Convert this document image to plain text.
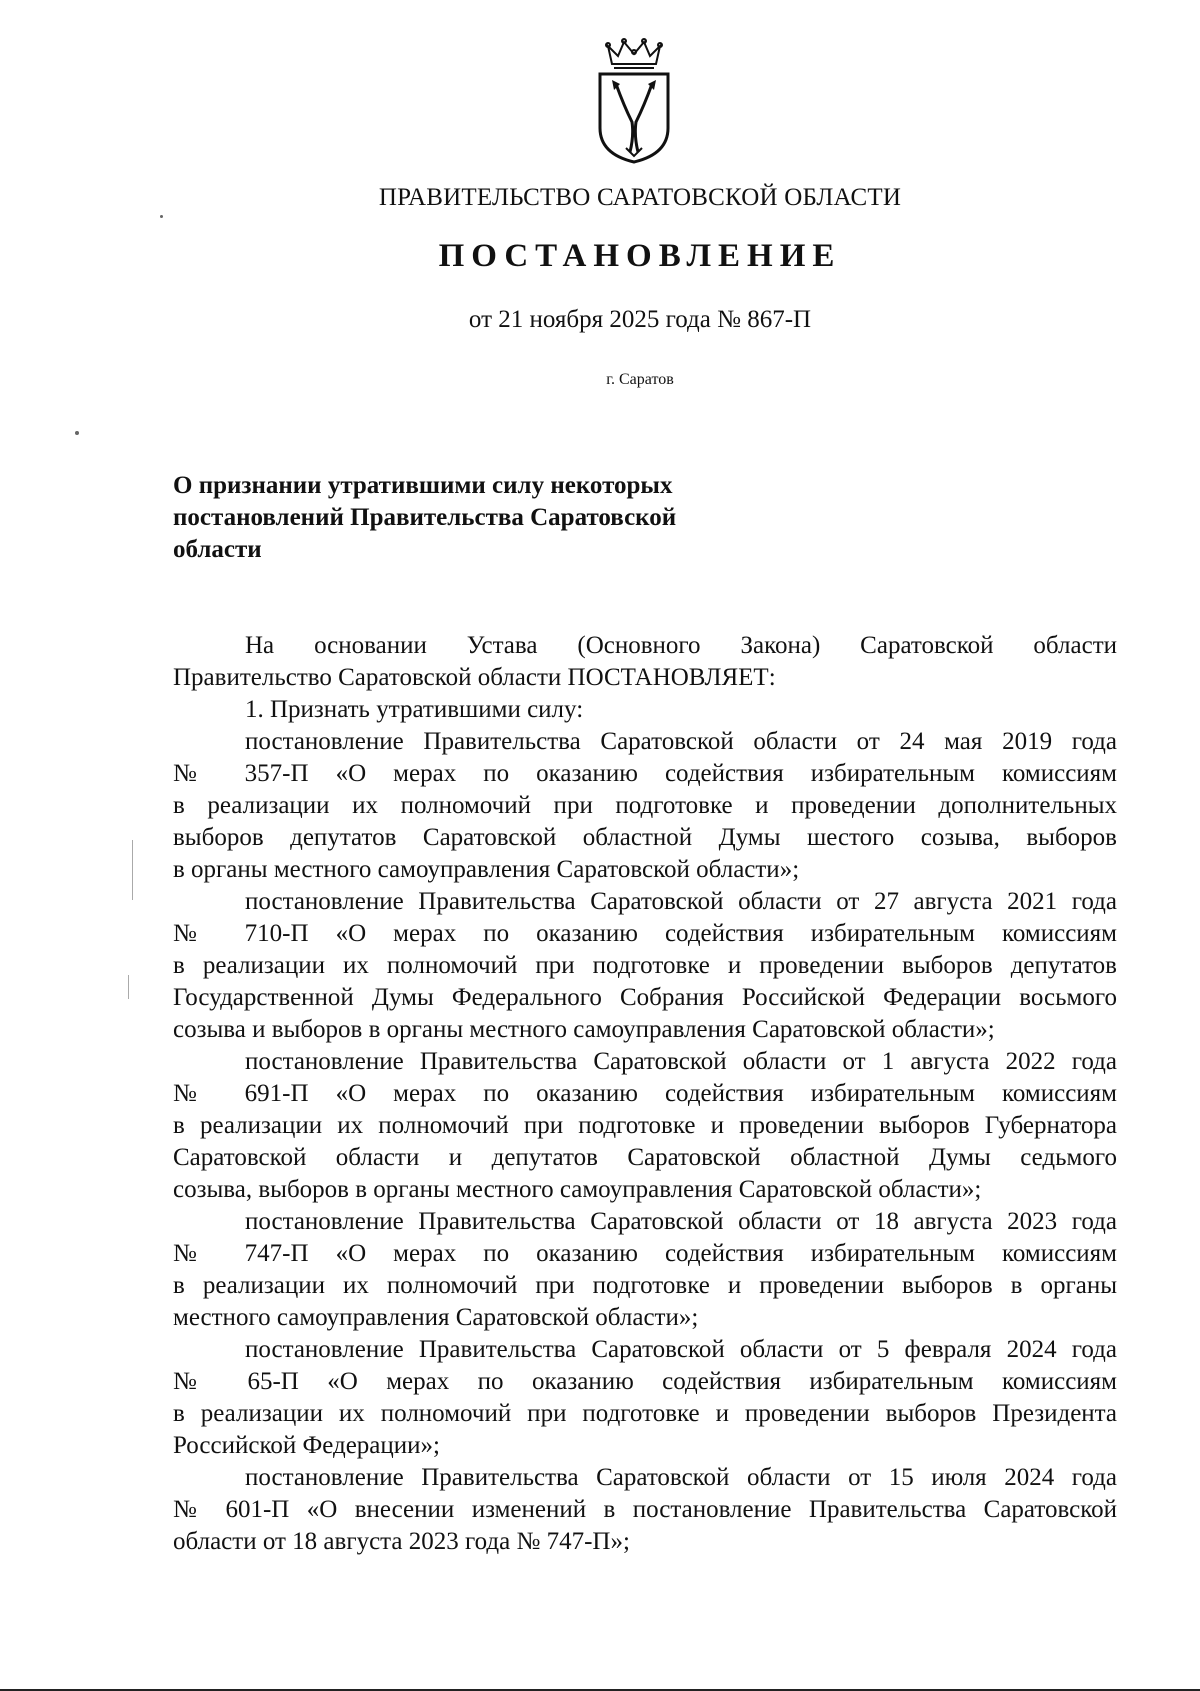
ПРАВИТЕЛЬСТВО САРАТОВСКОЙ ОБЛАСТИ
ПОСТАНОВЛЕНИЕ
от 21 ноября 2025 года № 867-П
г. Саратов
О признании утратившими силу некоторых
постановлений Правительства Саратовской
области
На основании Устава (Основного Закона) Саратовской области
Правительство Саратовской области ПОСТАНОВЛЯЕТ:
1. Признать утратившими силу:
постановление Правительства Саратовской области от 24 мая 2019 года
№ 357-П «О мерах по оказанию содействия избирательным комиссиям
в реализации их полномочий при подготовке и проведении дополнительных
выборов депутатов Саратовской областной Думы шестого созыва, выборов
в органы местного самоуправления Саратовской области»;
постановление Правительства Саратовской области от 27 августа 2021 года
№ 710-П «О мерах по оказанию содействия избирательным комиссиям
в реализации их полномочий при подготовке и проведении выборов депутатов
Государственной Думы Федерального Собрания Российской Федерации восьмого
созыва и выборов в органы местного самоуправления Саратовской области»;
постановление Правительства Саратовской области от 1 августа 2022 года
№ 691-П «О мерах по оказанию содействия избирательным комиссиям
в реализации их полномочий при подготовке и проведении выборов Губернатора
Саратовской области и депутатов Саратовской областной Думы седьмого
созыва, выборов в органы местного самоуправления Саратовской области»;
постановление Правительства Саратовской области от 18 августа 2023 года
№ 747-П «О мерах по оказанию содействия избирательным комиссиям
в реализации их полномочий при подготовке и проведении выборов в органы
местного самоуправления Саратовской области»;
постановление Правительства Саратовской области от 5 февраля 2024 года
№ 65-П «О мерах по оказанию содействия избирательным комиссиям
в реализации их полномочий при подготовке и проведении выборов Президента
Российской Федерации»;
постановление Правительства Саратовской области от 15 июля 2024 года
№ 601-П «О внесении изменений в постановление Правительства Саратовской
области от 18 августа 2023 года № 747-П»;
